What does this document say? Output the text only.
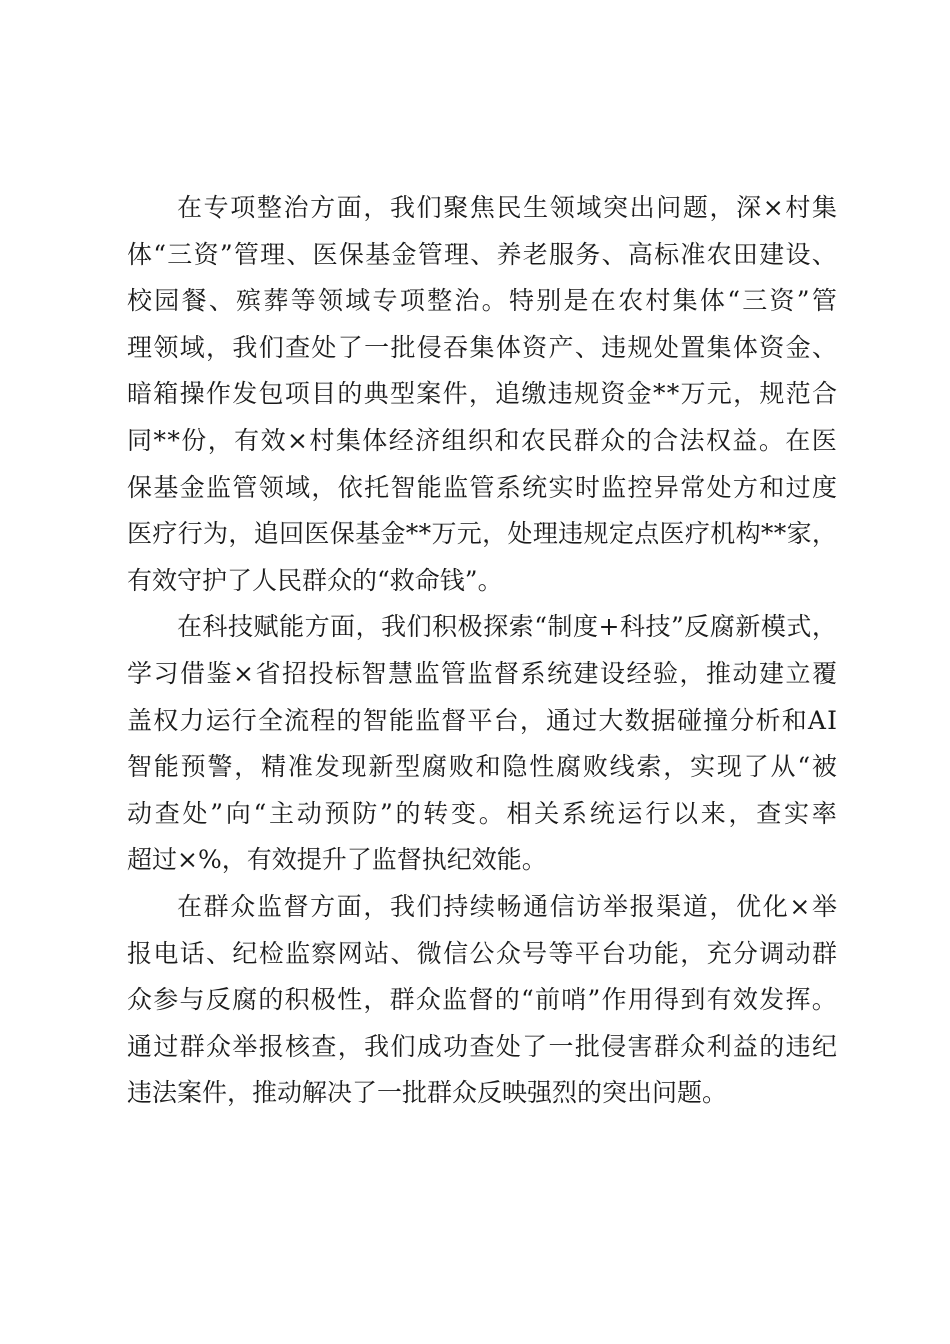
在 专 项 整 治 方 面 ， 我 们 聚 焦 民 生 领 域 突 出 问 题 ， 深 × 村 集
体 “ 三 资 ” 管 理 、 医 保 基 金 管 理 、 养 老 服 务 、 高 标 准 农 田 建 设 、
校 园 餐 、 殡 葬 等 领 域 专 项 整 治 。 特 别 是 在 农 村 集 体 “ 三 资 ” 管
理 领 域 ， 我 们 查 处 了 一 批 侵 吞 集 体 资 产 、 违 规 处 置 集 体 资 金 、
暗 箱 操 作 发 包 项 目 的 典 型 案 件 ， 追 缴 违 规 资 金 * * 万 元 ， 规 范 合
同 * * 份 ， 有 效 × 村 集 体 经 济 组 织 和 农 民 群 众 的 合 法 权 益 。 在 医
保 基 金 监 管 领 域 ， 依 托 智 能 监 管 系 统 实 时 监 控 异 常 处 方 和 过 度
医 疗 行 为 ， 追 回 医 保 基 金 * * 万 元 ， 处 理 违 规 定 点 医 疗 机 构 * * 家 ，
有效守护了人民群众的“救命钱”。
在 科 技 赋 能 方 面 ， 我 们 积 极 探 索 “ 制 度 + 科 技 ” 反 腐 新 模 式 ，
学 习 借 鉴 × 省 招 投 标 智 慧 监 管 监 督 系 统 建 设 经 验 ， 推 动 建 立 覆
盖 权 力 运 行 全 流 程 的 智 能 监 督 平 台 ， 通 过 大 数 据 碰 撞 分 析 和 A I
智 能 预 警 ， 精 准 发 现 新 型 腐 败 和 隐 性 腐 败 线 索 ， 实 现 了 从 “ 被
动 查 处 ” 向 “ 主 动 预 防 ” 的 转 变 。 相 关 系 统 运 行 以 来 ， 查 实 率
超过×%，有效提升了监督执纪效能。
在 群 众 监 督 方 面 ， 我 们 持 续 畅 通 信 访 举 报 渠 道 ， 优 化 × 举
报 电 话 、 纪 检 监 察 网 站 、 微 信 公 众 号 等 平 台 功 能 ， 充 分 调 动 群
众 参 与 反 腐 的 积 极 性 ， 群 众 监 督 的 “ 前 哨 ” 作 用 得 到 有 效 发 挥 。
通 过 群 众 举 报 核 查 ， 我 们 成 功 查 处 了 一 批 侵 害 群 众 利 益 的 违 纪
违法案件，推动解决了一批群众反映强烈的突出问题。
